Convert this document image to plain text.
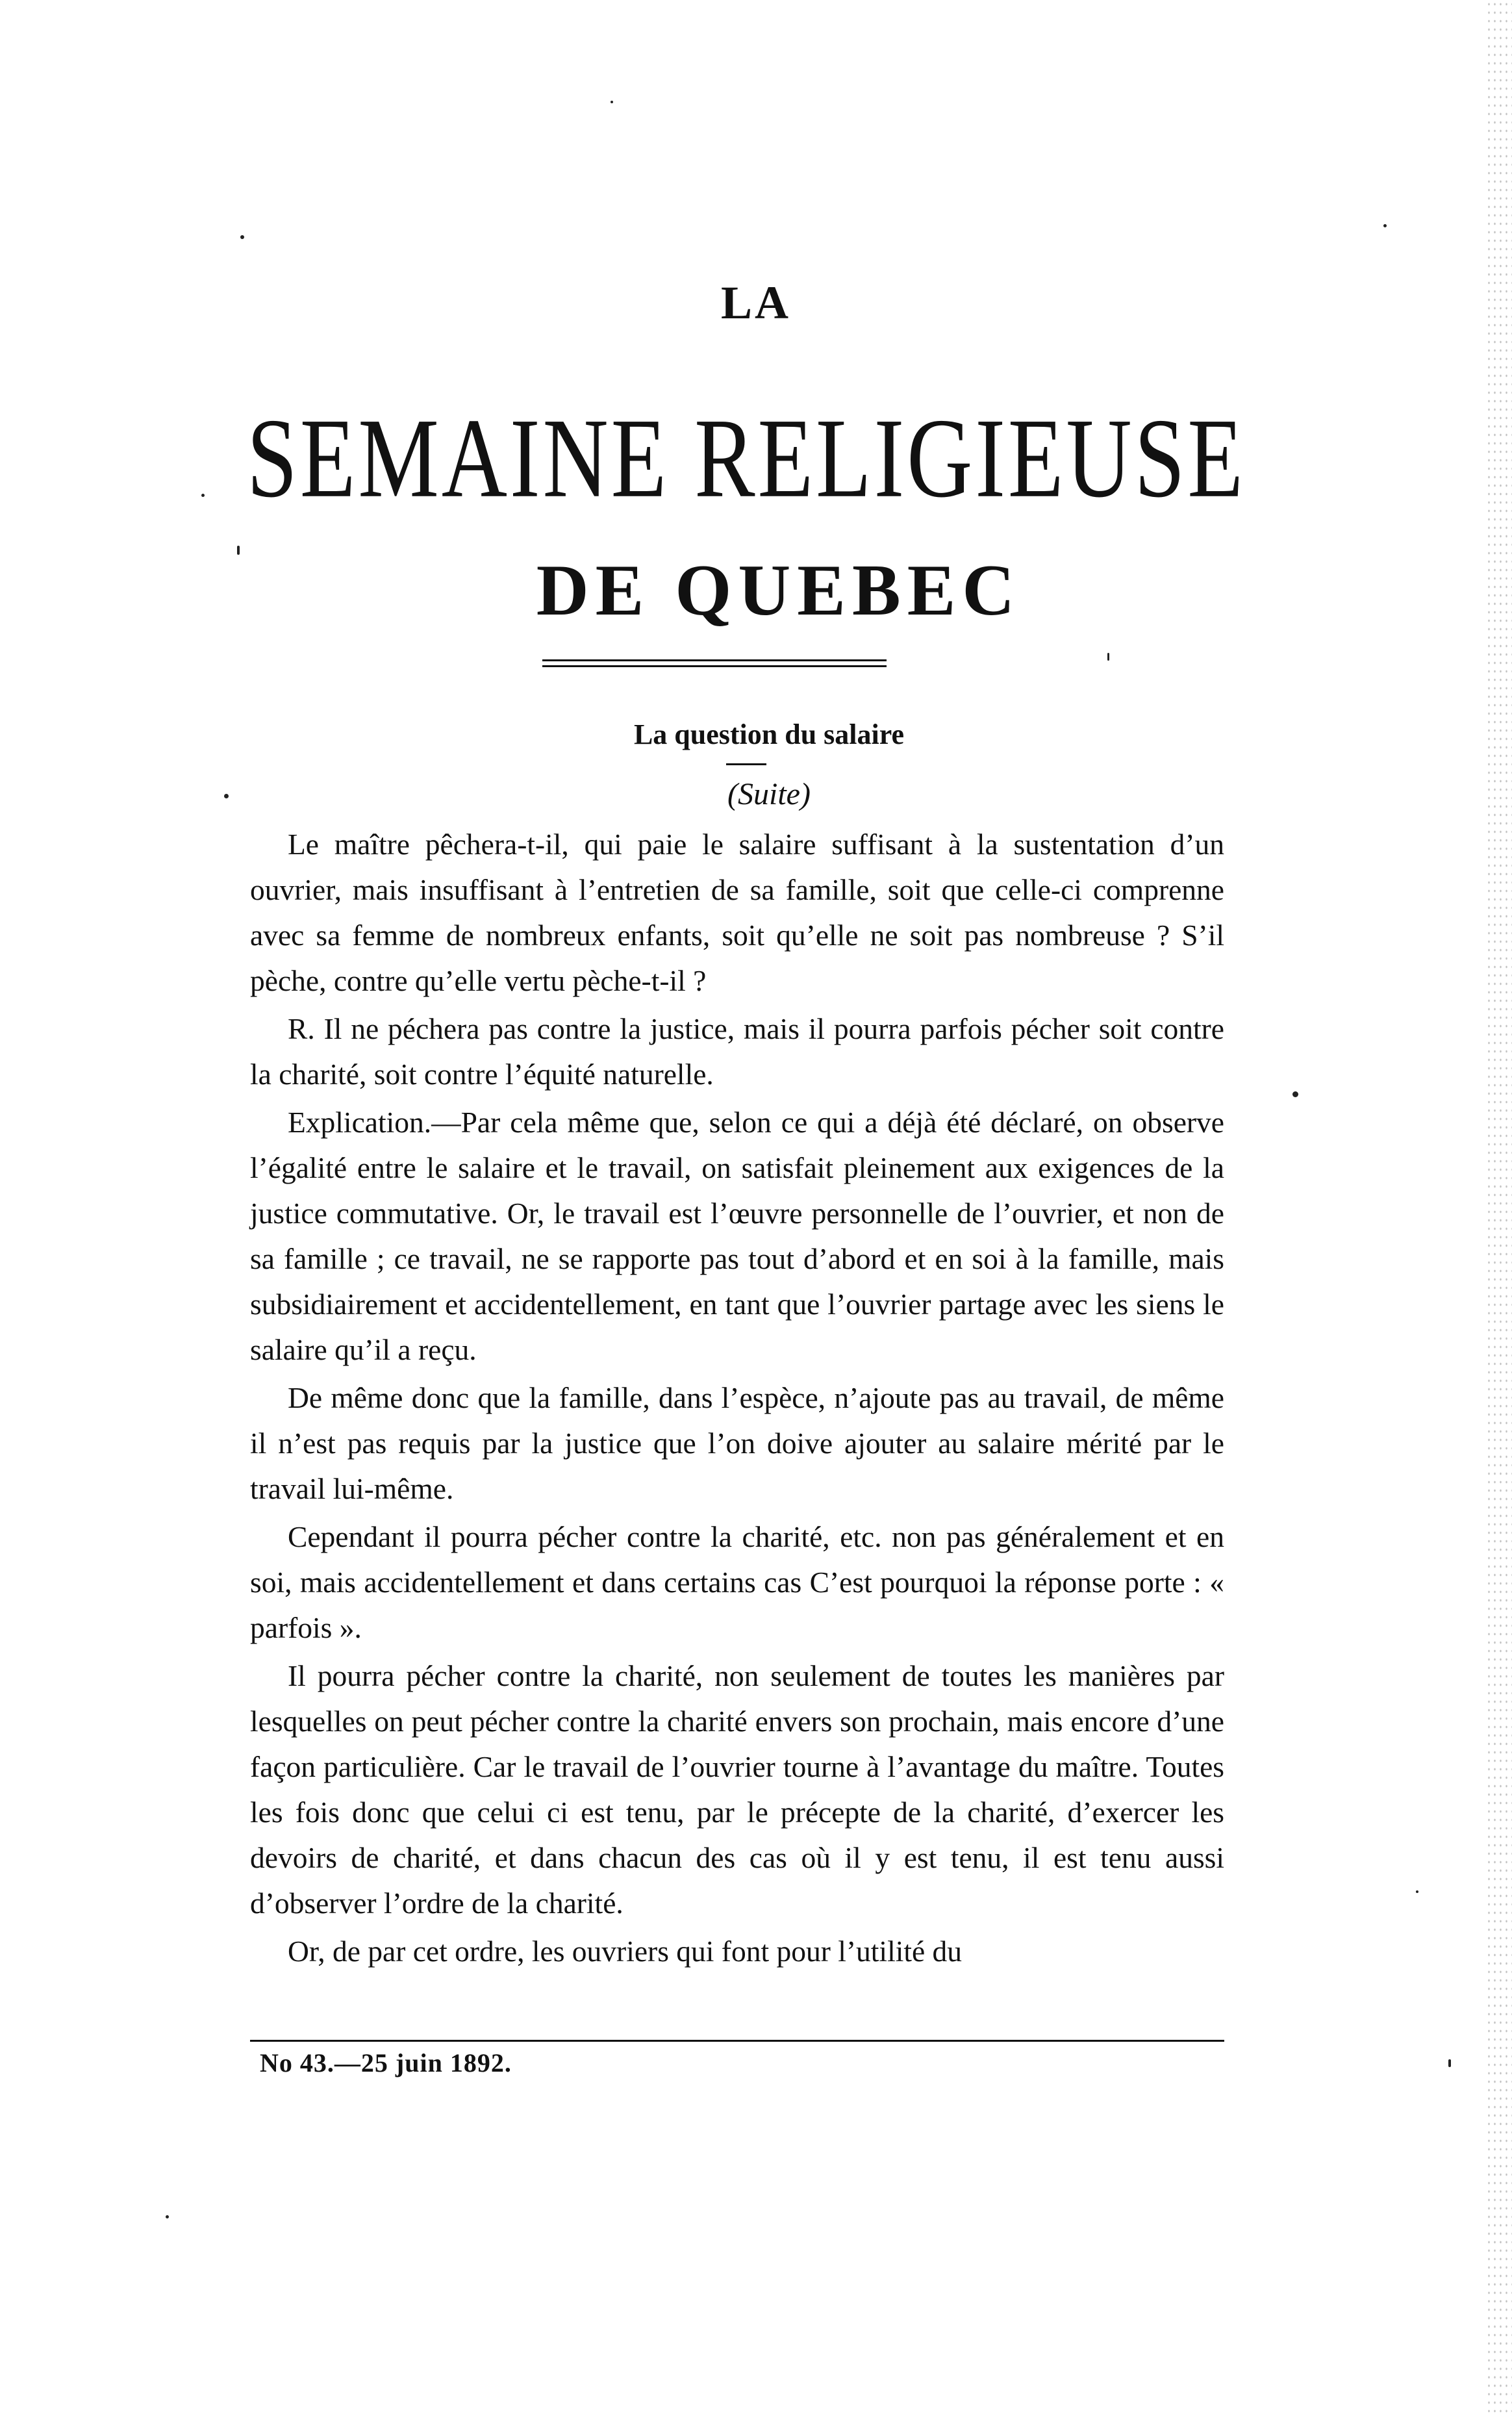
LA
SEMAINE RELIGIEUSE
DE QUEBEC
La question du salaire
(Suite)

Le maître pêchera-t-il, qui paie le salaire suffisant à la sustentation d’un ouvrier, mais insuffisant à l’entretien de sa famille, soit que celle-ci comprenne avec sa femme de nombreux enfants, soit qu’elle ne soit pas nombreuse ? S’il pèche, contre qu’elle vertu pèche-t-il ?

R. Il ne péchera pas contre la justice, mais il pourra parfois pécher soit contre la charité, soit contre l’équité naturelle.

Explication.—Par cela même que, selon ce qui a déjà été déclaré, on observe l’égalité entre le salaire et le travail, on satisfait pleinement aux exigences de la justice commutative. Or, le travail est l’œuvre personnelle de l’ouvrier, et non de sa famille ; ce travail, ne se rapporte pas tout d’abord et en soi à la famille, mais subsidiairement et accidentellement, en tant que l’ouvrier partage avec les siens le salaire qu’il a reçu.

De même donc que la famille, dans l’espèce, n’ajoute pas au travail, de même il n’est pas requis par la justice que l’on doive ajouter au salaire mérité par le travail lui-même.

Cependant il pourra pécher contre la charité, etc. non pas généralement et en soi, mais accidentellement et dans certains cas C’est pourquoi la réponse porte : « parfois ».

Il pourra pécher contre la charité, non seulement de toutes les manières par lesquelles on peut pécher contre la charité envers son prochain, mais encore d’une façon particulière. Car le travail de l’ouvrier tourne à l’avantage du maître. Toutes les fois donc que celui ci est tenu, par le précepte de la charité, d’exercer les devoirs de charité, et dans chacun des cas où il y est tenu, il est tenu aussi d’observer l’ordre de la charité.

Or, de par cet ordre, les ouvriers qui font pour l’utilité du

No 43.—25 juin 1892.
